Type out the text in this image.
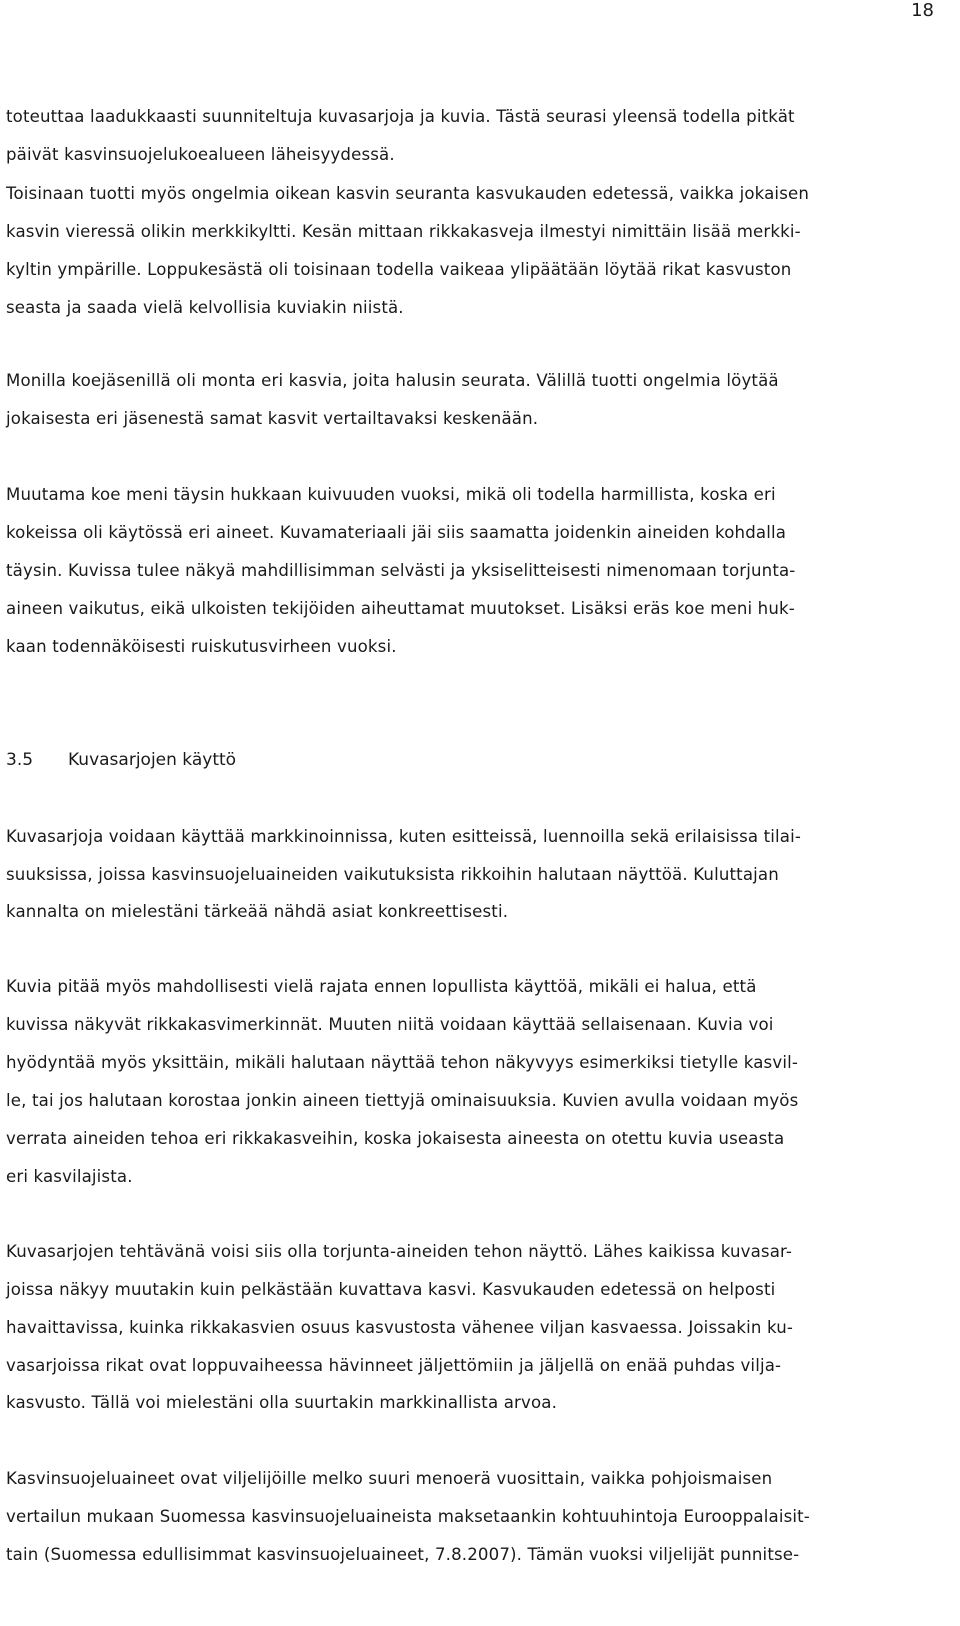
18
toteuttaa laadukkaasti suunniteltuja kuvasarjoja ja kuvia. Tästä seurasi yleensä todella pitkät
päivät kasvinsuojelukoealueen läheisyydessä.
Toisinaan tuotti myös ongelmia oikean kasvin seuranta kasvukauden edetessä, vaikka jokaisen
kasvin vieressä olikin merkkikyltti. Kesän mittaan rikkakasveja ilmestyi nimittäin lisää merkki-
kyltin ympärille. Loppukesästä oli toisinaan todella vaikeaa ylipäätään löytää rikat kasvuston
seasta ja saada vielä kelvollisia kuviakin niistä.
Monilla koejäsenillä oli monta eri kasvia, joita halusin seurata. Välillä tuotti ongelmia löytää
jokaisesta eri jäsenestä samat kasvit vertailtavaksi keskenään.
Muutama koe meni täysin hukkaan kuivuuden vuoksi, mikä oli todella harmillista, koska eri
kokeissa oli käytössä eri aineet. Kuvamateriaali jäi siis saamatta joidenkin aineiden kohdalla
täysin. Kuvissa tulee näkyä mahdillisimman selvästi ja yksiselitteisesti nimenomaan torjunta-
aineen vaikutus, eikä ulkoisten tekijöiden aiheuttamat muutokset. Lisäksi eräs koe meni huk-
kaan todennäköisesti ruiskutusvirheen vuoksi.
3.5 Kuvasarjojen käyttö
Kuvasarjoja voidaan käyttää markkinoinnissa, kuten esitteissä, luennoilla sekä erilaisissa tilai-
suuksissa, joissa kasvinsuojeluaineiden vaikutuksista rikkoihin halutaan näyttöä. Kuluttajan
kannalta on mielestäni tärkeää nähdä asiat konkreettisesti.
Kuvia pitää myös mahdollisesti vielä rajata ennen lopullista käyttöä, mikäli ei halua, että
kuvissa näkyvät rikkakasvimerkinnät. Muuten niitä voidaan käyttää sellaisenaan. Kuvia voi
hyödyntää myös yksittäin, mikäli halutaan näyttää tehon näkyvyys esimerkiksi tietylle kasvil-
le, tai jos halutaan korostaa jonkin aineen tiettyjä ominaisuuksia. Kuvien avulla voidaan myös
verrata aineiden tehoa eri rikkakasveihin, koska jokaisesta aineesta on otettu kuvia useasta
eri kasvilajista.
Kuvasarjojen tehtävänä voisi siis olla torjunta-aineiden tehon näyttö. Lähes kaikissa kuvasar-
joissa näkyy muutakin kuin pelkästään kuvattava kasvi. Kasvukauden edetessä on helposti
havaittavissa, kuinka rikkakasvien osuus kasvustosta vähenee viljan kasvaessa. Joissakin ku-
vasarjoissa rikat ovat loppuvaiheessa hävinneet jäljettömiin ja jäljellä on enää puhdas vilja-
kasvusto. Tällä voi mielestäni olla suurtakin markkinallista arvoa.
Kasvinsuojeluaineet ovat viljelijöille melko suuri menoerä vuosittain, vaikka pohjoismaisen
vertailun mukaan Suomessa kasvinsuojeluaineista maksetaankin kohtuuhintoja Eurooppalaisit-
tain (Suomessa edullisimmat kasvinsuojeluaineet, 7.8.2007). Tämän vuoksi viljelijät punnitse-
